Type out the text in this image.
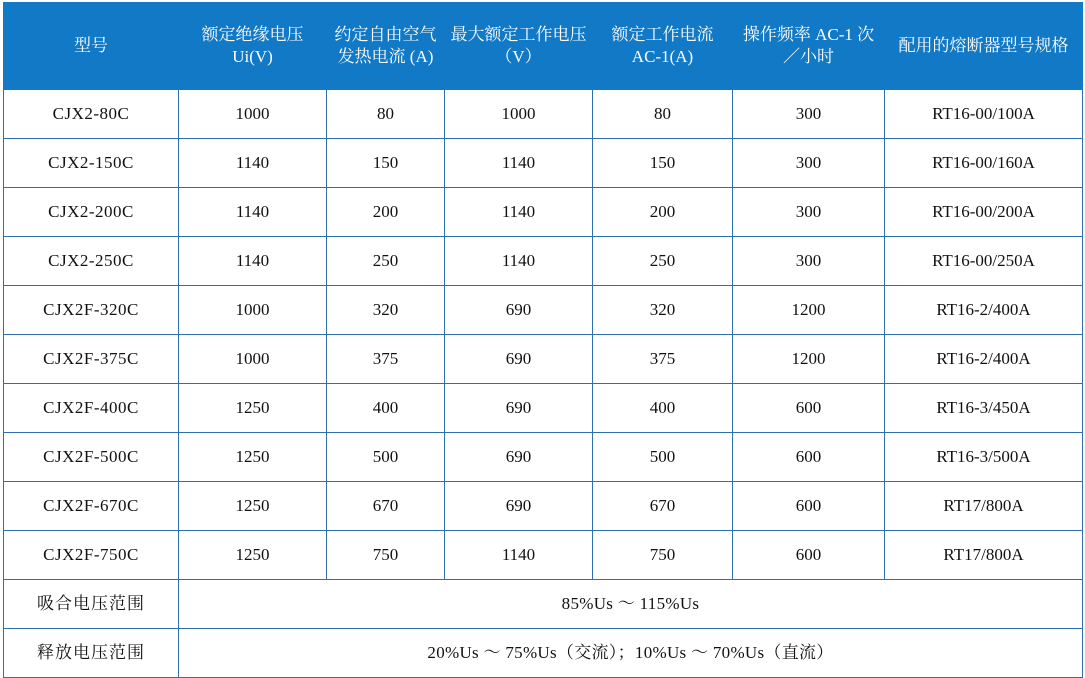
型号	额定绝缘电压 Ui(V)	约定自由空气发热电流 (A)	最大额定工作电压（V）	额定工作电流 AC-1(A)	操作频率 AC-1 次／小时	配用的熔断器型号规格
CJX2-80C	1000	80	1000	80	300	RT16-00/100A
CJX2-150C	1140	150	1140	150	300	RT16-00/160A
CJX2-200C	1140	200	1140	200	300	RT16-00/200A
CJX2-250C	1140	250	1140	250	300	RT16-00/250A
CJX2F-320C	1000	320	690	320	1200	RT16-2/400A
CJX2F-375C	1000	375	690	375	1200	RT16-2/400A
CJX2F-400C	1250	400	690	400	600	RT16-3/450A
CJX2F-500C	1250	500	690	500	600	RT16-3/500A
CJX2F-670C	1250	670	690	670	600	RT17/800A
CJX2F-750C	1250	750	1140	750	600	RT17/800A
吸合电压范围	85%Us ～ 115%Us					
释放电压范围	20%Us ～ 75%Us（交流）；10%Us ～ 70%Us（直流）					
